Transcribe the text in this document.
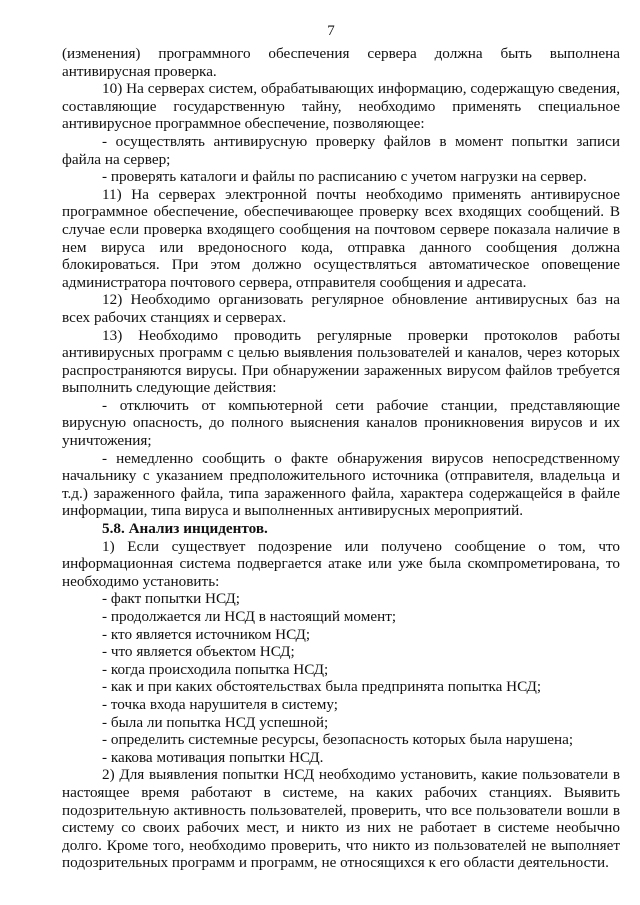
7

(изменения) программного обеспечения сервера должна быть выполнена антивирусная проверка.

10) На серверах систем, обрабатывающих информацию, содержащую сведения, составляющие государственную тайну, необходимо применять специальное антивирусное программное обеспечение, позволяющее:

- осуществлять антивирусную проверку файлов в момент попытки записи файла на сервер;

- проверять каталоги и файлы по расписанию с учетом нагрузки на сервер.

11) На серверах электронной почты необходимо применять антивирусное программное обеспечение, обеспечивающее проверку всех входящих сообщений. В случае если проверка входящего сообщения на почтовом сервере показала наличие в нем вируса или вредоносного кода, отправка данного сообщения должна блокироваться. При этом должно осуществляться автоматическое оповещение администратора почтового сервера, отправителя сообщения и адресата.

12) Необходимо организовать регулярное обновление антивирусных баз на всех рабочих станциях и серверах.

13) Необходимо проводить регулярные проверки протоколов работы антивирусных программ с целью выявления пользователей и каналов, через которых распространяются вирусы. При обнаружении зараженных вирусом файлов требуется выполнить следующие действия:

- отключить от компьютерной сети рабочие станции, представляющие вирусную опасность, до полного выяснения каналов проникновения вирусов и их уничтожения;

- немедленно сообщить о факте обнаружения вирусов непосредственному начальнику с указанием предположительного источника (отправителя, владельца и т.д.) зараженного файла, типа зараженного файла, характера содержащейся в файле информации, типа вируса и выполненных антивирусных мероприятий.

5.8. Анализ инцидентов.

1) Если существует подозрение или получено сообщение о том, что информационная система подвергается атаке или уже была скомпрометирована, то необходимо установить:

- факт попытки НСД;

- продолжается ли НСД в настоящий момент;

- кто является источником НСД;

- что является объектом НСД;

- когда происходила попытка НСД;

- как и при каких обстоятельствах была предпринята попытка НСД;

- точка входа нарушителя в систему;

- была ли попытка НСД успешной;

- определить системные ресурсы, безопасность которых была нарушена;

- какова мотивация попытки НСД.

2) Для выявления попытки НСД необходимо установить, какие пользователи в настоящее время работают в системе, на каких рабочих станциях. Выявить подозрительную активность пользователей, проверить, что все пользователи вошли в систему со своих рабочих мест, и никто из них не работает в системе необычно долго. Кроме того, необходимо проверить, что никто из пользователей не выполняет подозрительных программ и программ, не относящихся к его области деятельности.
